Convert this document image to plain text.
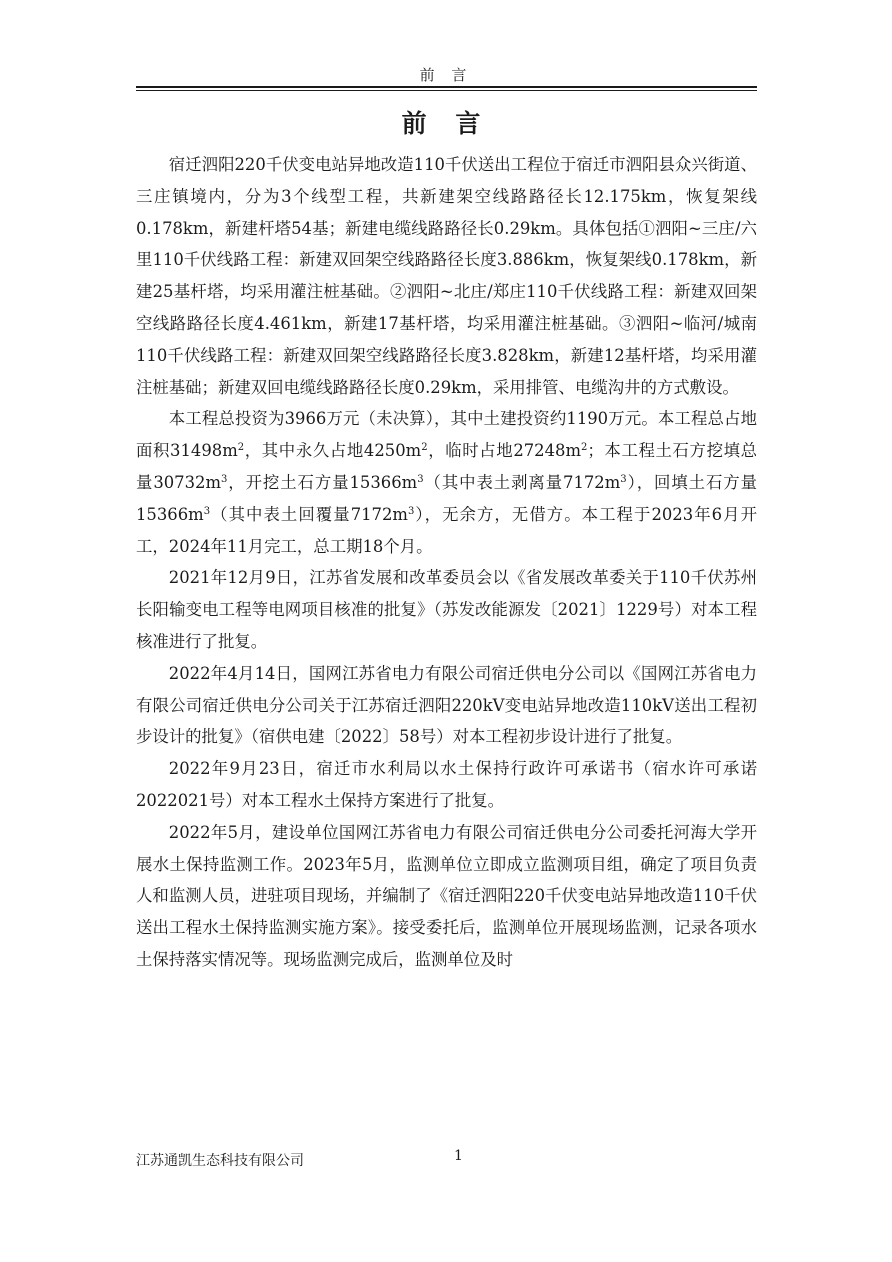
前 言
前 言

宿迁泗阳220千伏变电站异地改造110千伏送出工程位于宿迁市泗阳县众兴街道、三庄镇境内，分为3个线型工程，共新建架空线路路径长12.175km，恢复架线0.178km，新建杆塔54基；新建电缆线路路径长0.29km。具体包括①泗阳~三庄/六里110千伏线路工程：新建双回架空线路路径长度3.886km，恢复架线0.178km，新建25基杆塔，均采用灌注桩基础。②泗阳~北庄/郑庄110千伏线路工程：新建双回架空线路路径长度4.461km，新建17基杆塔，均采用灌注桩基础。③泗阳~临河/城南110千伏线路工程：新建双回架空线路路径长度3.828km，新建12基杆塔，均采用灌注桩基础；新建双回电缆线路路径长度0.29km，采用排管、电缆沟井的方式敷设。

本工程总投资为3966万元（未决算），其中土建投资约1190万元。本工程总占地面积$31498m^2$，其中永久占地$4250m^2$，临时占地$27248m^2$；本工程土石方挖填总量$30732m^3$，开挖土石方量$15366m^3$（其中表土剥离量$7172m^3$），回填土石方量$15366m^3$（其中表土回覆量$7172m^3$），无余方，无借方。本工程于2023年6月开工，2024年11月完工，总工期18个月。

2021年12月9日，江苏省发展和改革委员会以《省发展改革委关于110千伏苏州长阳输变电工程等电网项目核准的批复》（苏发改能源发〔2021〕1229号）对本工程核准进行了批复。

2022年4月14日，国网江苏省电力有限公司宿迁供电分公司以《国网江苏省电力有限公司宿迁供电分公司关于江苏宿迁泗阳220kV变电站异地改造110kV送出工程初步设计的批复》（宿供电建〔2022〕58号）对本工程初步设计进行了批复。

2022年9月23日，宿迁市水利局以水土保持行政许可承诺书（宿水许可承诺2022021号）对本工程水土保持方案进行了批复。

2022年5月，建设单位国网江苏省电力有限公司宿迁供电分公司委托河海大学开展水土保持监测工作。2023年5月，监测单位立即成立监测项目组，确定了项目负责人和监测人员，进驻项目现场，并编制了《宿迁泗阳220千伏变电站异地改造110千伏送出工程水土保持监测实施方案》。接受委托后，监测单位开展现场监测，记录各项水土保持落实情况等。现场监测完成后，监测单位及时

江苏通凯生态科技有限公司	1
